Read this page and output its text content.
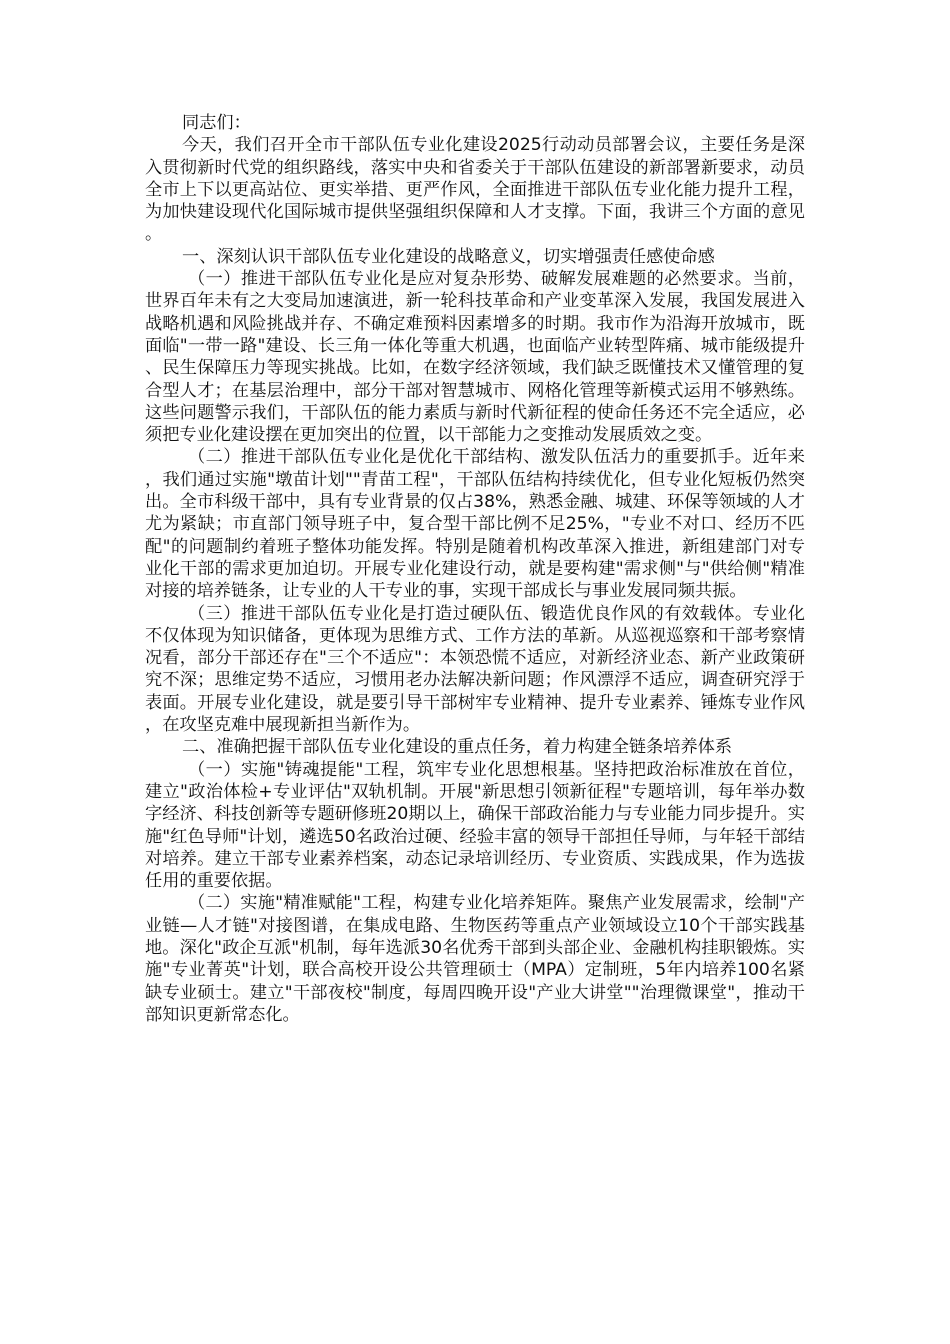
同志们：

今天，我们召开全市干部队伍专业化建设2025行动动员部署会议，主要任务是深入贯彻新时代党的组织路线，落实中央和省委关于干部队伍建设的新部署新要求，动员全市上下以更高站位、更实举措、更严作风，全面推进干部队伍专业化能力提升工程，为加快建设现代化国际城市提供坚强组织保障和人才支撑。下面，我讲三个方面的意见。

一、深刻认识干部队伍专业化建设的战略意义，切实增强责任感使命感

（一）推进干部队伍专业化是应对复杂形势、破解发展难题的必然要求。当前，世界百年未有之大变局加速演进，新一轮科技革命和产业变革深入发展，我国发展进入战略机遇和风险挑战并存、不确定难预料因素增多的时期。我市作为沿海开放城市，既面临"一带一路"建设、长三角一体化等重大机遇，也面临产业转型阵痛、城市能级提升、民生保障压力等现实挑战。比如，在数字经济领域，我们缺乏既懂技术又懂管理的复合型人才；在基层治理中，部分干部对智慧城市、网格化管理等新模式运用不够熟练。这些问题警示我们，干部队伍的能力素质与新时代新征程的使命任务还不完全适应，必须把专业化建设摆在更加突出的位置，以干部能力之变推动发展质效之变。

（二）推进干部队伍专业化是优化干部结构、激发队伍活力的重要抓手。近年来，我们通过实施"墩苗计划""青苗工程"，干部队伍结构持续优化，但专业化短板仍然突出。全市科级干部中，具有专业背景的仅占38%，熟悉金融、城建、环保等领域的人才尤为紧缺；市直部门领导班子中，复合型干部比例不足25%，"专业不对口、经历不匹配"的问题制约着班子整体功能发挥。特别是随着机构改革深入推进，新组建部门对专业化干部的需求更加迫切。开展专业化建设行动，就是要构建"需求侧"与"供给侧"精准对接的培养链条，让专业的人干专业的事，实现干部成长与事业发展同频共振。

（三）推进干部队伍专业化是打造过硬队伍、锻造优良作风的有效载体。专业化不仅体现为知识储备，更体现为思维方式、工作方法的革新。从巡视巡察和干部考察情况看，部分干部还存在"三个不适应"：本领恐慌不适应，对新经济业态、新产业政策研究不深；思维定势不适应，习惯用老办法解决新问题；作风漂浮不适应，调查研究浮于表面。开展专业化建设，就是要引导干部树牢专业精神、提升专业素养、锤炼专业作风，在攻坚克难中展现新担当新作为。

二、准确把握干部队伍专业化建设的重点任务，着力构建全链条培养体系

（一）实施"铸魂提能"工程，筑牢专业化思想根基。坚持把政治标准放在首位，建立"政治体检+专业评估"双轨机制。开展"新思想引领新征程"专题培训，每年举办数字经济、科技创新等专题研修班20期以上，确保干部政治能力与专业能力同步提升。实施"红色导师"计划，遴选50名政治过硬、经验丰富的领导干部担任导师，与年轻干部结对培养。建立干部专业素养档案，动态记录培训经历、专业资质、实践成果，作为选拔任用的重要依据。

（二）实施"精准赋能"工程，构建专业化培养矩阵。聚焦产业发展需求，绘制"产业链—人才链"对接图谱，在集成电路、生物医药等重点产业领域设立10个干部实践基地。深化"政企互派"机制，每年选派30名优秀干部到头部企业、金融机构挂职锻炼。实施"专业菁英"计划，联合高校开设公共管理硕士（MPA）定制班，5年内培养100名紧缺专业硕士。建立"干部夜校"制度，每周四晚开设"产业大讲堂""治理微课堂"，推动干部知识更新常态化。
